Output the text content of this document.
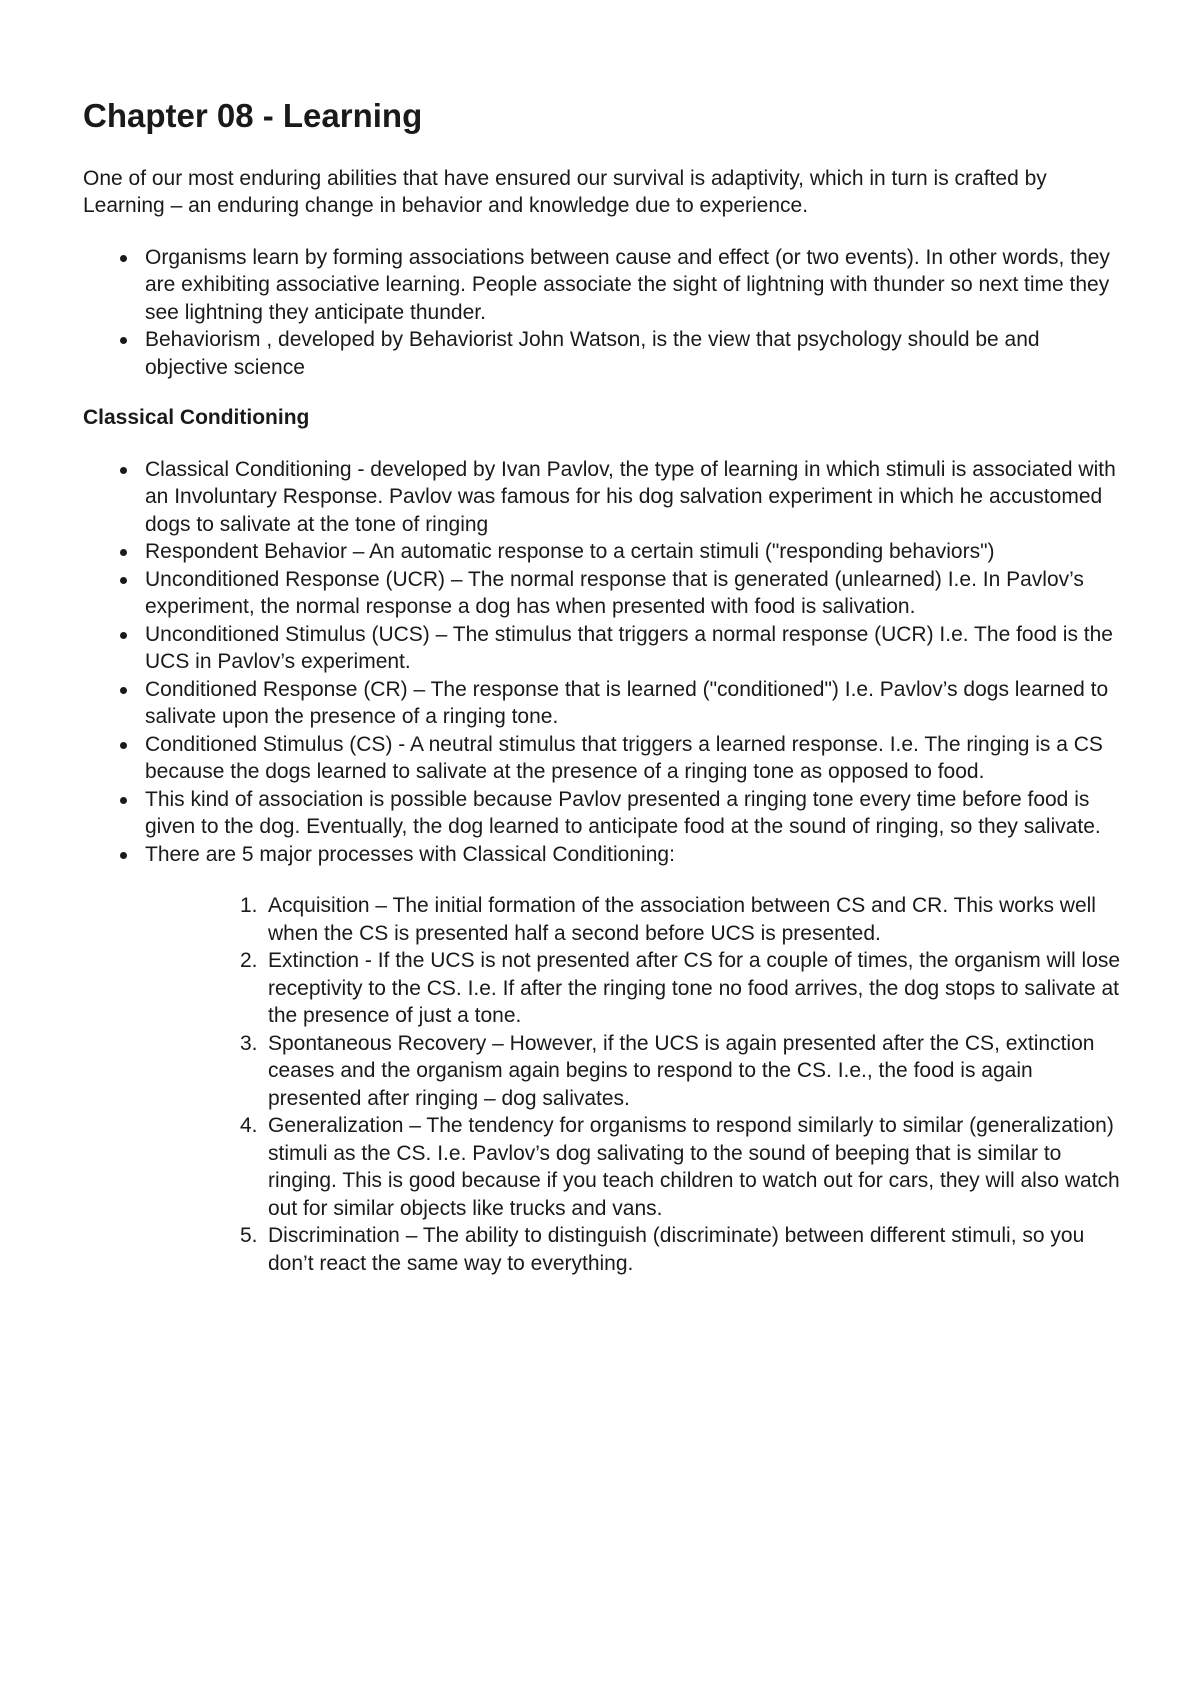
Chapter 08 - Learning

One of our most enduring abilities that have ensured our survival is adaptivity, which in turn is crafted by Learning – an enduring change in behavior and knowledge due to experience.

Organisms learn by forming associations between cause and effect (or two events). In other words, they are exhibiting associative learning. People associate the sight of lightning with thunder so next time they see lightning they anticipate thunder.
Behaviorism , developed by Behaviorist John Watson, is the view that psychology should be and objective science
Classical Conditioning
Classical Conditioning - developed by Ivan Pavlov, the type of learning in which stimuli is associated with an Involuntary Response. Pavlov was famous for his dog salvation experiment in which he accustomed dogs to salivate at the tone of ringing
Respondent Behavior – An automatic response to a certain stimuli ("responding behaviors")
Unconditioned Response (UCR) – The normal response that is generated (unlearned) I.e. In Pavlov’s experiment, the normal response a dog has when presented with food is salivation.
Unconditioned Stimulus (UCS) – The stimulus that triggers a normal response (UCR) I.e. The food is the UCS in Pavlov’s experiment.
Conditioned Response (CR) – The response that is learned ("conditioned") I.e. Pavlov’s dogs learned to salivate upon the presence of a ringing tone.
Conditioned Stimulus (CS) - A neutral stimulus that triggers a learned response. I.e. The ringing is a CS because the dogs learned to salivate at the presence of a ringing tone as opposed to food.
This kind of association is possible because Pavlov presented a ringing tone every time before food is given to the dog. Eventually, the dog learned to anticipate food at the sound of ringing, so they salivate.
There are 5 major processes with Classical Conditioning:
1. Acquisition – The initial formation of the association between CS and CR. This works well when the CS is presented half a second before UCS is presented.
2. Extinction - If the UCS is not presented after CS for a couple of times, the organism will lose receptivity to the CS. I.e. If after the ringing tone no food arrives, the dog stops to salivate at the presence of just a tone.
3. Spontaneous Recovery – However, if the UCS is again presented after the CS, extinction ceases and the organism again begins to respond to the CS. I.e., the food is again presented after ringing – dog salivates.
4. Generalization – The tendency for organisms to respond similarly to similar (generalization) stimuli as the CS. I.e. Pavlov’s dog salivating to the sound of beeping that is similar to ringing. This is good because if you teach children to watch out for cars, they will also watch out for similar objects like trucks and vans.
5. Discrimination – The ability to distinguish (discriminate) between different stimuli, so you don’t react the same way to everything.
